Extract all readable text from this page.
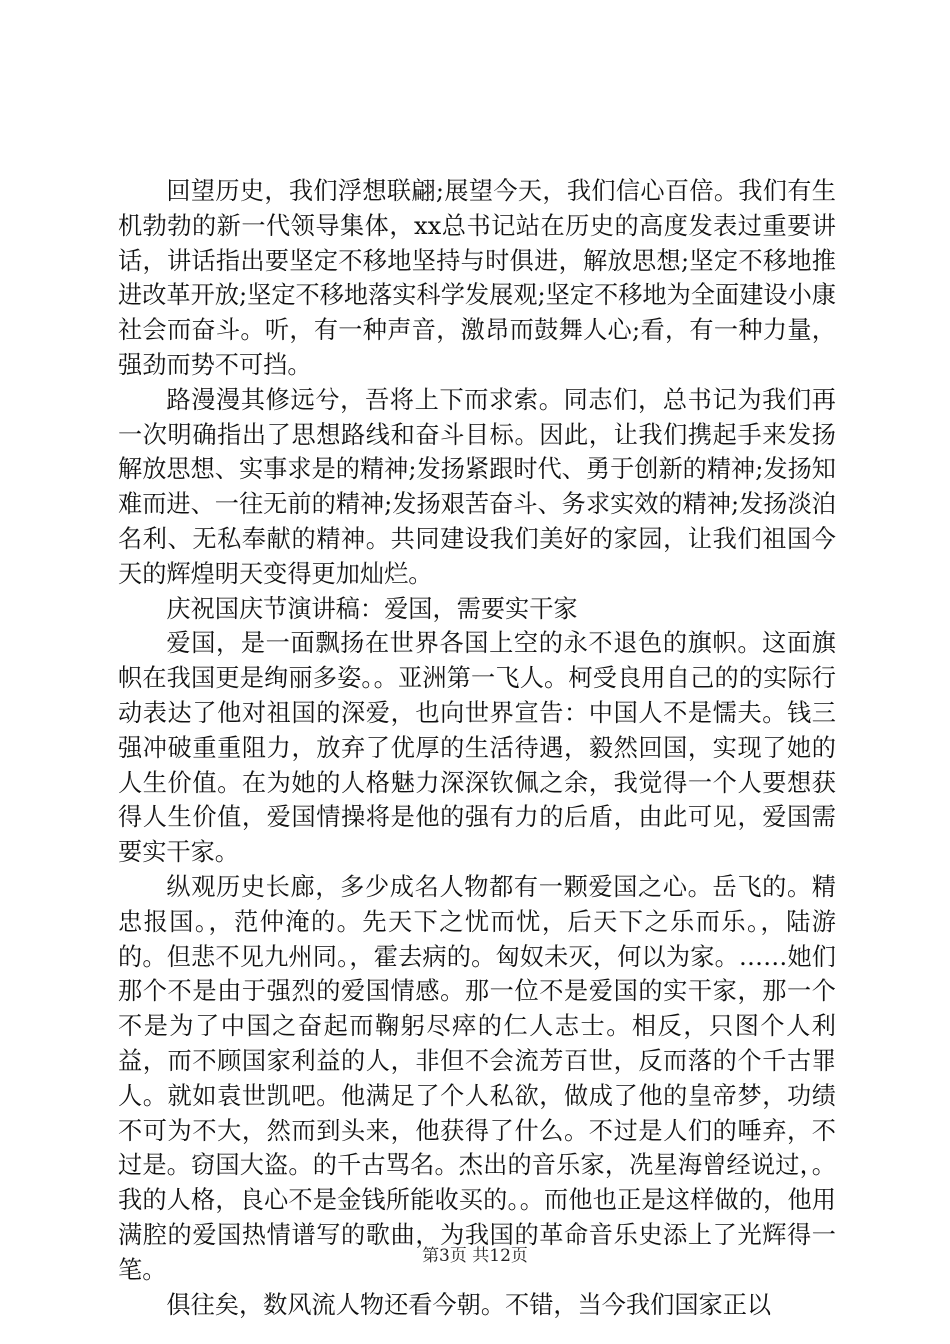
回望历史，我们浮想联翩;展望今天，我们信心百倍。我们有生机勃勃的新一代领导集体，xx总书记站在历史的高度发表过重要讲话，讲话指出要坚定不移地坚持与时俱进，解放思想;坚定不移地推进改革开放;坚定不移地落实科学发展观;坚定不移地为全面建设小康社会而奋斗。听，有一种声音，激昂而鼓舞人心;看，有一种力量，强劲而势不可挡。

路漫漫其修远兮，吾将上下而求索。同志们，总书记为我们再一次明确指出了思想路线和奋斗目标。因此，让我们携起手来发扬解放思想、实事求是的精神;发扬紧跟时代、勇于创新的精神;发扬知难而进、一往无前的精神;发扬艰苦奋斗、务求实效的精神;发扬淡泊名利、无私奉献的精神。共同建设我们美好的家园，让我们祖国今天的辉煌明天变得更加灿烂。

庆祝国庆节演讲稿：爱国，需要实干家

爱国，是一面飘扬在世界各国上空的永不退色的旗帜。这面旗帜在我国更是绚丽多姿。。亚洲第一飞人。柯受良用自己的的实际行动表达了他对祖国的深爱，也向世界宣告：中国人不是懦夫。钱三强冲破重重阻力，放弃了优厚的生活待遇，毅然回国，实现了她的人生价值。在为她的人格魅力深深钦佩之余，我觉得一个人要想获得人生价值，爱国情操将是他的强有力的后盾，由此可见，爱国需要实干家。

纵观历史长廊，多少成名人物都有一颗爱国之心。岳飞的。精忠报国。，范仲淹的。先天下之忧而忧，后天下之乐而乐。，陆游的。但悲不见九州同。，霍去病的。匈奴未灭，何以为家。……她们那个不是由于强烈的爱国情感。那一位不是爱国的实干家，那一个不是为了中国之奋起而鞠躬尽瘁的仁人志士。相反，只图个人利益，而不顾国家利益的人，非但不会流芳百世，反而落的个千古罪人。就如袁世凯吧。他满足了个人私欲，做成了他的皇帝梦，功绩不可为不大，然而到头来，他获得了什么。不过是人们的唾弃，不过是。窃国大盗。的千古骂名。杰出的音乐家，冼星海曾经说过，。我的人格，良心不是金钱所能收买的。。而他也正是这样做的，他用满腔的爱国热情谱写的歌曲，为我国的革命音乐史添上了光辉得一笔。

俱往矣，数风流人物还看今朝。不错，当今我们国家正以

第3页 共12页
